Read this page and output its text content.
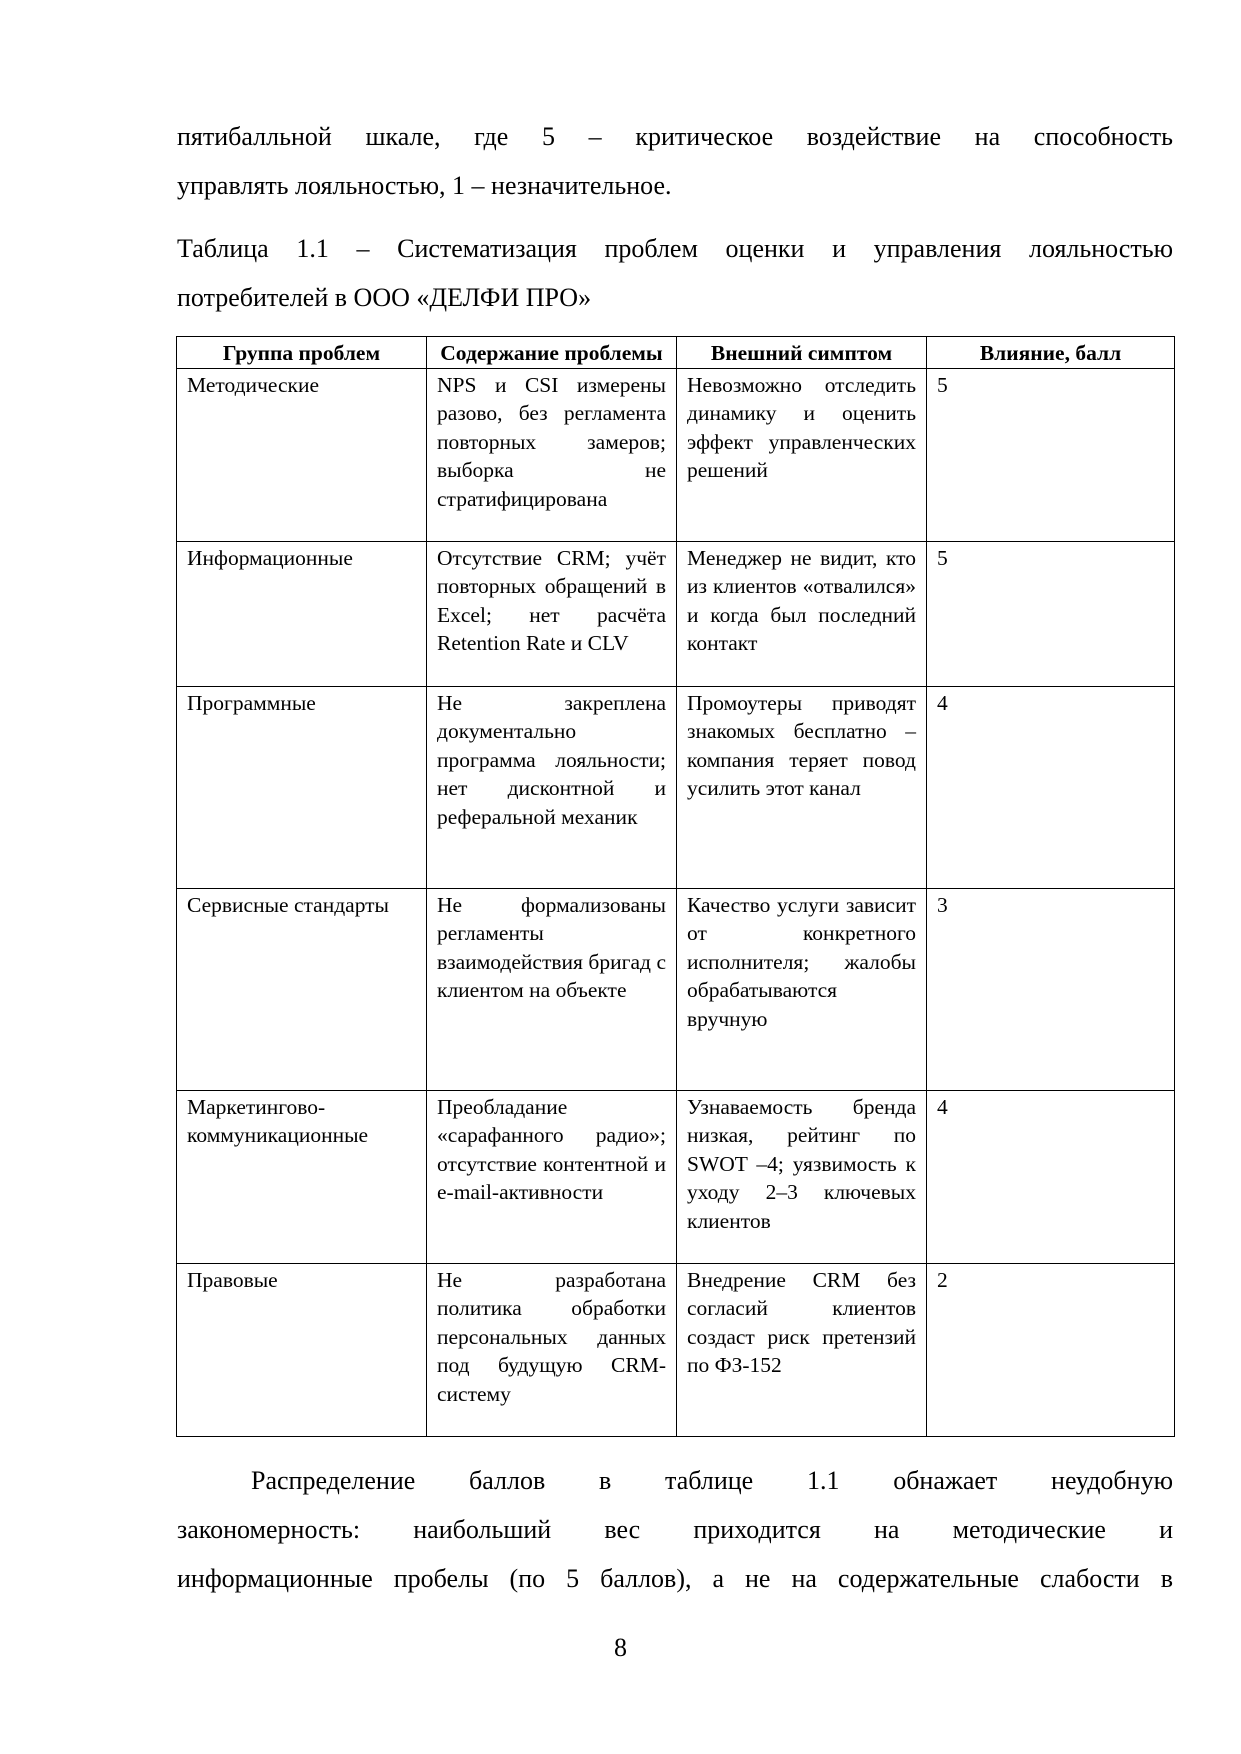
пятибалльной шкале, где 5 – критическое воздействие на способность
управлять лояльностью, 1 – незначительное.
Таблица 1.1 – Систематизация проблем оценки и управления лояльностью
потребителей в ООО «ДЕЛФИ ПРО»
Группа проблем	Содержание проблемы	Внешний симптом	Влияние, балл
Методические	NPS и CSI измерены разово, без регламента повторных замеров; выборка не стратифицирована	Невозможно отследить динамику и оценить эффект управленческих решений	5
Информационные	Отсутствие CRM; учёт повторных обращений в Excel; нет расчёта Retention Rate и CLV	Менеджер не видит, кто из клиентов «отвалился» и когда был последний контакт	5
Программные	Не закреплена документально программа лояльности; нет дисконтной и реферальной механик	Промоутеры приводят знакомых бесплатно – компания теряет повод усилить этот канал	4
Сервисные стандарты	Не формализованы регламенты взаимодействия бригад с клиентом на объекте	Качество услуги зависит от конкретного исполнителя; жалобы обрабатываются вручную	3
Маркетингово-коммуникационные	Преобладание «сарафанного радио»; отсутствие контентной и e-mail-активности	Узнаваемость бренда низкая, рейтинг по SWOT –4; уязвимость к уходу 2–3 ключевых клиентов	4
Правовые	Не разработана политика обработки персональных данных под будущую CRM-систему	Внедрение CRM без согласий клиентов создаст риск претензий по ФЗ-152	2
Распределение баллов в таблице 1.1 обнажает неудобную
закономерность: наибольший вес приходится на методические и
информационные пробелы (по 5 баллов), а не на содержательные слабости в
8
